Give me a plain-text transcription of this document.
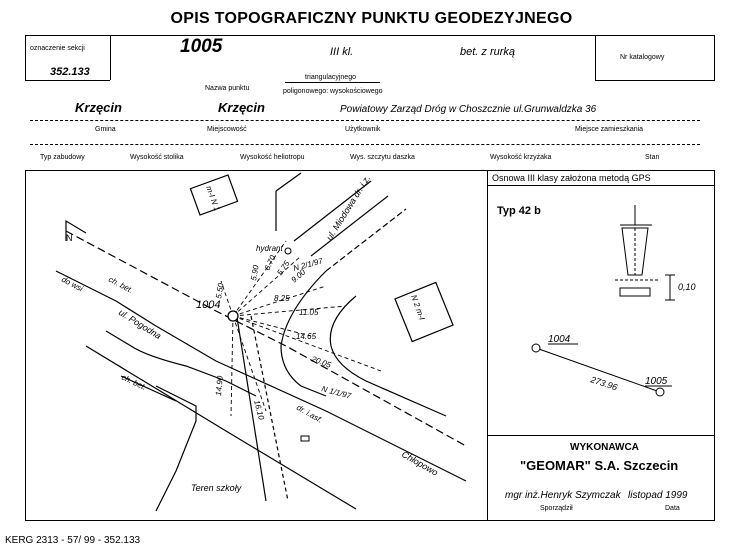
OPIS TOPOGRAFICZNY PUNKTU GEODEZYJNEGO
oznaczenie sekcji
352.133
1005	III kl.	bet. z rurką	Nr katalogowy
Nazwa punktu
triangulacyjnego
poligonowego: wysokościowego
Krzęcin	Krzęcin	Powiatowy Zarząd Dróg w Choszcznie ul.Grunwaldzka 36
Gmina	Miejscowość	Użytkownik	Miejsce zamieszkania
Typ zabudowy	Wysokość stolika	Wysokość heliotropu	Wys. szczytu daszka	Wysokość krzyżaka	Stan
1004
N
ul. Pogodna
ul. Miodowa dr. i.z.
Chłopowo
do wsi	ch. bet.
ch. bet.
hydrant
N 2/1/97
N 1/1/97
dr. i.asf.
Teren szkoły
m-I N 1
N 2 m-I
6.70
5.75
9.00
5.90
8.25
11.05
14.65
20.05
14.90
16.10
5.50
Osnowa III klasy założona metodą GPS
Typ 42 b
0,10
1004
1005
273.96
WYKONAWCA
"GEOMAR" S.A. Szczecin
mgr inż.Henryk Szymczak
Sporządził
listopad 1999
Data
KERG 2313 - 57/ 99 - 352.133
